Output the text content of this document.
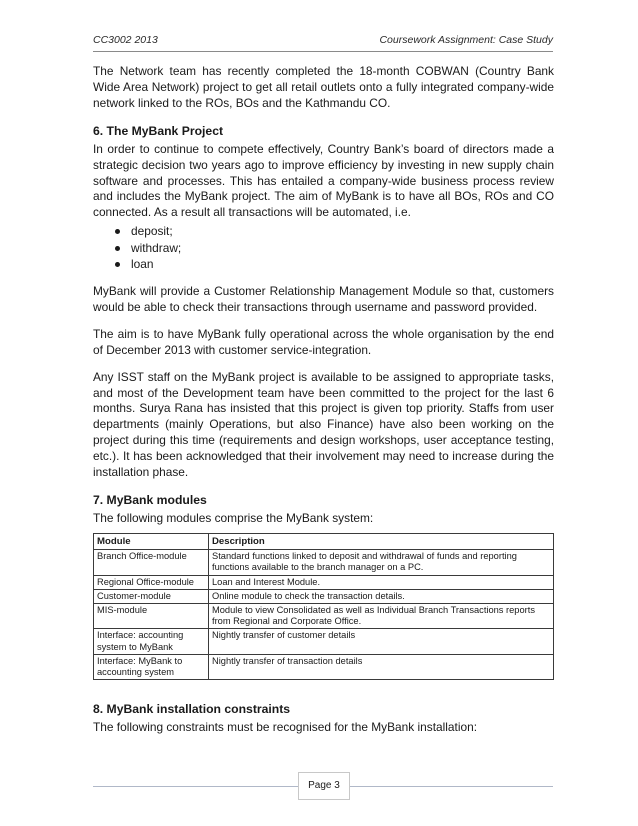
CC3002 2013	Coursework Assignment: Case Study

The Network team has recently completed the 18-month COBWAN (Country Bank Wide Area Network) project to get all retail outlets onto a fully integrated company-wide network linked to the ROs, BOs and the Kathmandu CO.

6. The MyBank Project

In order to continue to compete effectively, Country Bank’s board of directors made a strategic decision two years ago to improve efficiency by investing in new supply chain software and processes. This has entailed a company-wide business process review and includes the MyBank project. The aim of MyBank is to have all BOs, ROs and CO connected. As a result all transactions will be automated, i.e.

deposit;
withdraw;
loan

MyBank will provide a Customer Relationship Management Module so that, customers would be able to check their transactions through username and password provided.

The aim is to have MyBank fully operational across the whole organisation by the end of December 2013 with customer service-integration.

Any ISST staff on the MyBank project is available to be assigned to appropriate tasks, and most of the Development team have been committed to the project for the last 6 months. Surya Rana has insisted that this project is given top priority. Staffs from user departments (mainly Operations, but also Finance) have also been working on the project during this time (requirements and design workshops, user acceptance testing, etc.). It has been acknowledged that their involvement may need to increase during the installation phase.

7. MyBank modules

The following modules comprise the MyBank system:

Module	Description
Branch Office-module	Standard functions linked to deposit and withdrawal of funds and reporting functions available to the branch manager on a PC.
Regional Office-module	Loan and Interest Module.
Customer-module	Online module to check the transaction details.
MIS-module	Module to view Consolidated as well as Individual Branch Transactions reports from Regional and Corporate Office.
Interface: accounting system to MyBank	Nightly transfer of customer details
Interface: MyBank to accounting system	Nightly transfer of transaction details
8. MyBank installation constraints

The following constraints must be recognised for the MyBank installation:

Page 3
